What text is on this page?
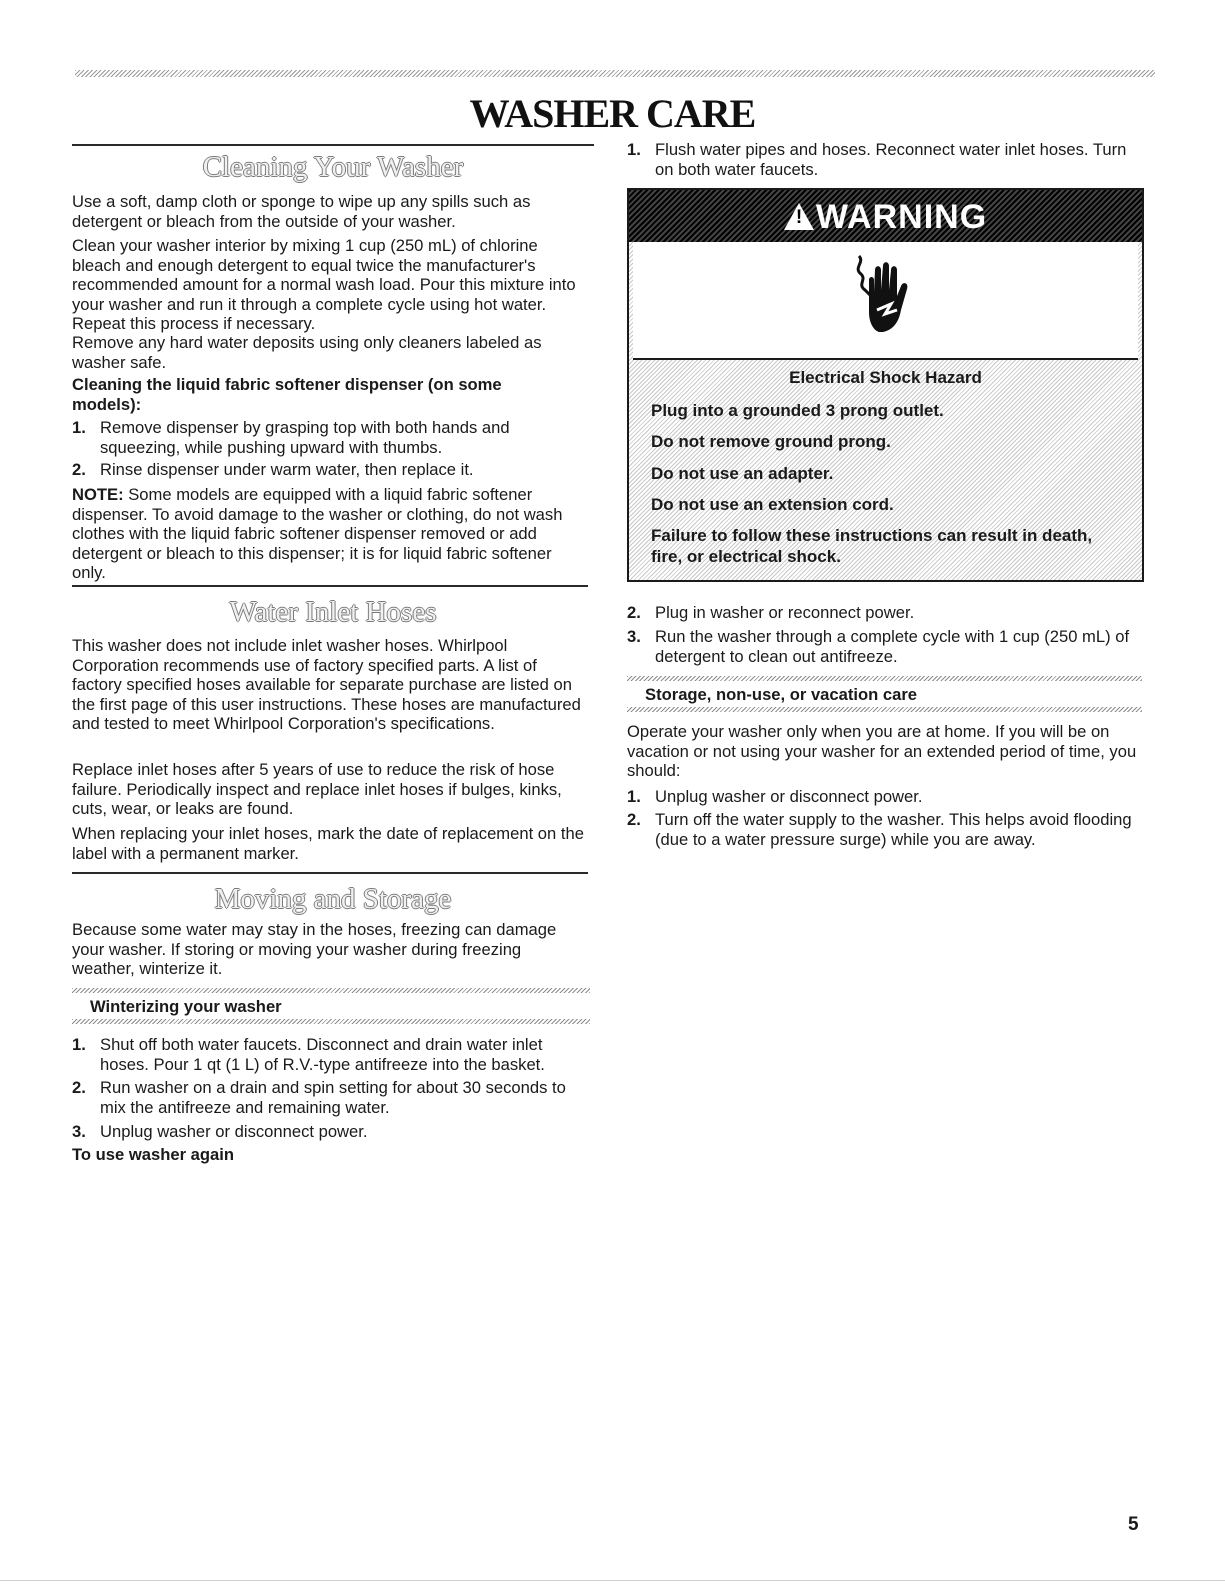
WASHER CARE
Cleaning Your Washer

Use a soft, damp cloth or sponge to wipe up any spills such as detergent or bleach from the outside of your washer.

Clean your washer interior by mixing 1 cup (250 mL) of chlorine bleach and enough detergent to equal twice the manufacturer's recommended amount for a normal wash load. Pour this mixture into your washer and run it through a complete cycle using hot water. Repeat this process if necessary.

Remove any hard water deposits using only cleaners labeled as washer safe.

Cleaning the liquid fabric softener dispenser (on some models):

1. Remove dispenser by grasping top with both hands and squeezing, while pushing upward with thumbs.
2. Rinse dispenser under warm water, then replace it.

NOTE: Some models are equipped with a liquid fabric softener dispenser. To avoid damage to the washer or clothing, do not wash clothes with the liquid fabric softener dispenser removed or add detergent or bleach to this dispenser; it is for liquid fabric softener only.

Water Inlet Hoses

This washer does not include inlet washer hoses. Whirlpool Corporation recommends use of factory specified parts. A list of factory specified hoses available for separate purchase are listed on the first page of this user instructions. These hoses are manufactured and tested to meet Whirlpool Corporation's specifications.

Replace inlet hoses after 5 years of use to reduce the risk of hose failure. Periodically inspect and replace inlet hoses if bulges, kinks, cuts, wear, or leaks are found.

When replacing your inlet hoses, mark the date of replacement on the label with a permanent marker.

Moving and Storage

Because some water may stay in the hoses, freezing can damage your washer. If storing or moving your washer during freezing weather, winterize it.

Winterizing your washer
1. Shut off both water faucets. Disconnect and drain water inlet hoses. Pour 1 qt (1 L) of R.V.-type antifreeze into the basket.
2. Run washer on a drain and spin setting for about 30 seconds to mix the antifreeze and remaining water.
3. Unplug washer or disconnect power.

To use washer again

1. Flush water pipes and hoses. Reconnect water inlet hoses. Turn on both water faucets.
! WARNING
Electrical Shock Hazard

Plug into a grounded 3 prong outlet.

Do not remove ground prong.

Do not use an adapter.

Do not use an extension cord.

Failure to follow these instructions can result in death, fire, or electrical shock.

2. Plug in washer or reconnect power.
3. Run the washer through a complete cycle with 1 cup (250 mL) of detergent to clean out antifreeze.
Storage, non-use, or vacation care

Operate your washer only when you are at home. If you will be on vacation or not using your washer for an extended period of time, you should:

1. Unplug washer or disconnect power.
2. Turn off the water supply to the washer. This helps avoid flooding (due to a water pressure surge) while you are away.
5
